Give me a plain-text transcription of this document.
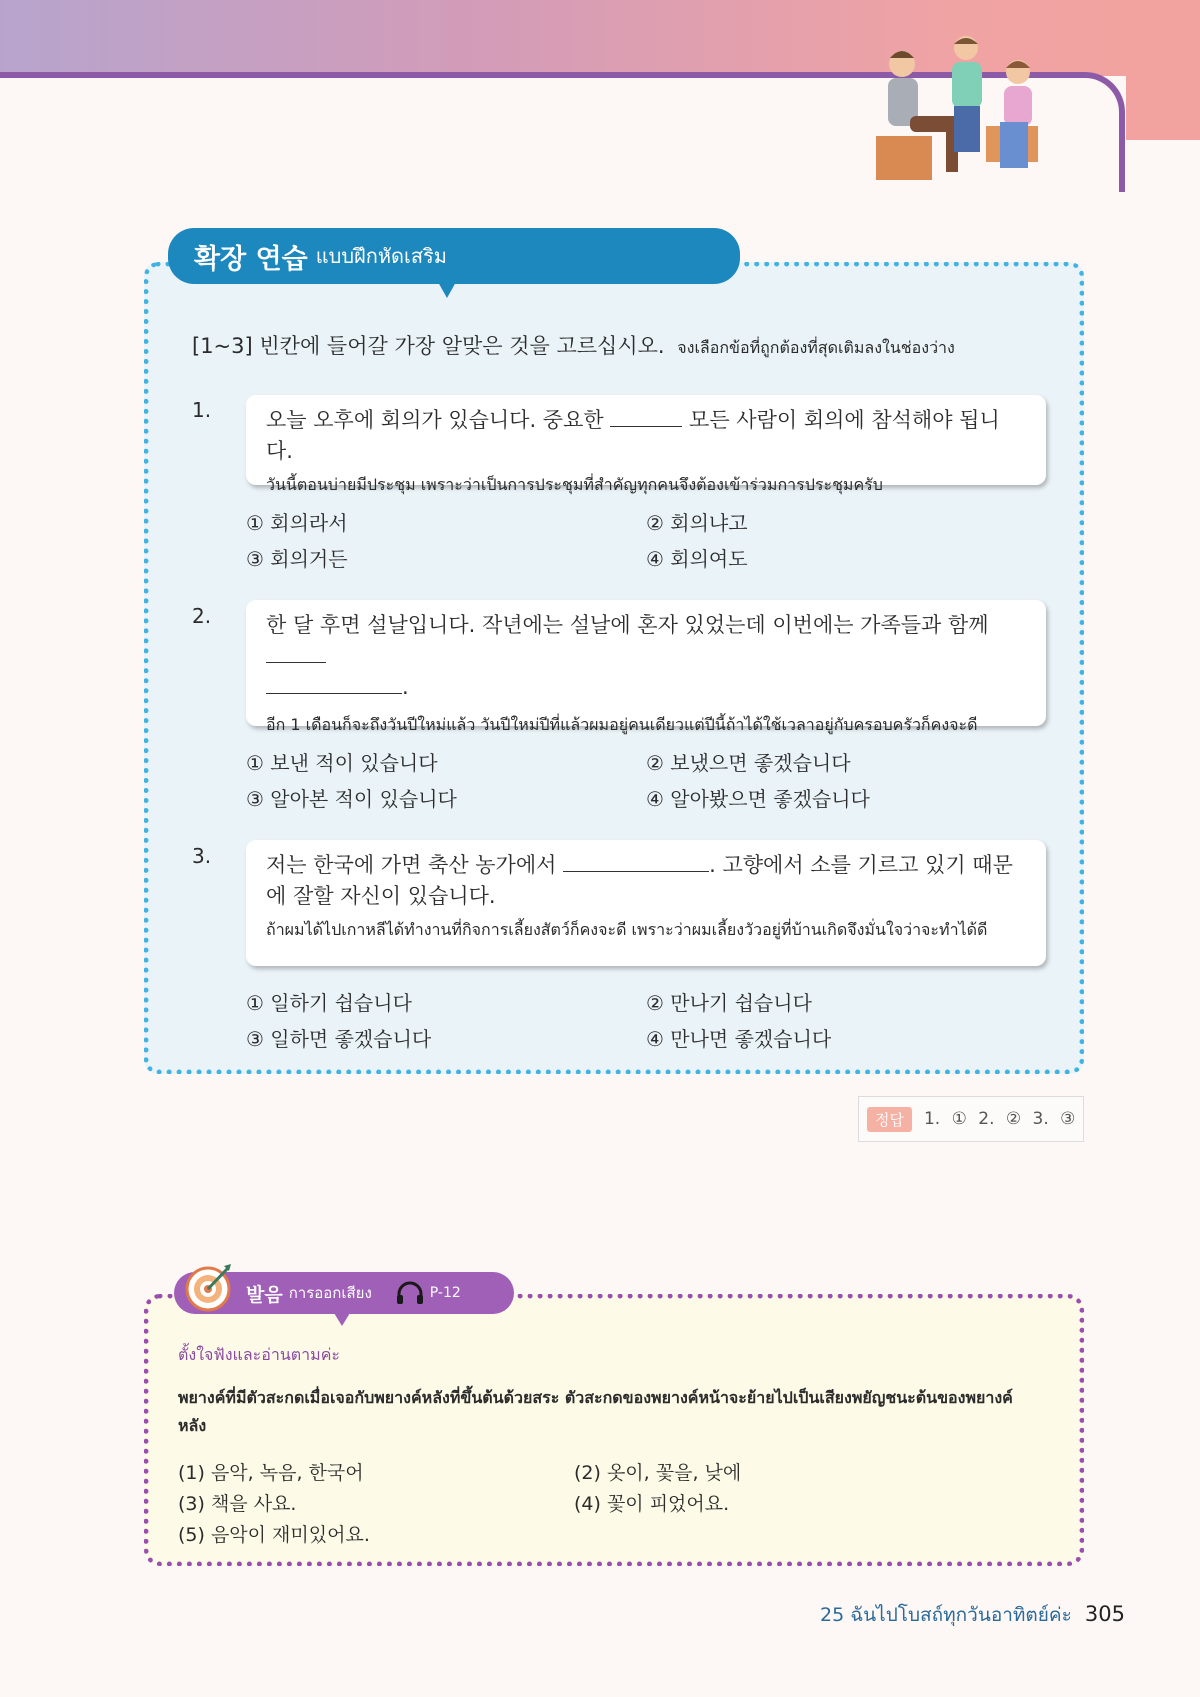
확장 연습 แบบฝึกหัดเสริม
[1~3] 빈칸에 들어갈 가장 알맞은 것을 고르십시오. จงเลือกข้อที่ถูกต้องที่สุดเติมลงในช่องว่าง
1.	오늘 오후에 회의가 있습니다. 중요한	모든 사람이 회의에 참석해야 됩니다.
วันนี้ตอนบ่ายมีประชุม เพราะว่าเป็นการประชุมที่สำคัญทุกคนจึงต้องเข้าร่วมการประชุมครับ
① 회의라서	② 회의냐고
③ 회의거든	④ 회의여도
2.	한 달 후면 설날입니다. 작년에는 설날에 혼자 있었는데 이번에는 가족들과 함께
.
อีก 1 เดือนก็จะถึงวันปีใหม่แล้ว วันปีใหม่ปีที่แล้วผมอยู่คนเดียวแต่ปีนี้ถ้าได้ใช้เวลาอยู่กับครอบครัวก็คงจะดี
① 보낸 적이 있습니다	② 보냈으면 좋겠습니다
③ 알아본 적이 있습니다	④ 알아봤으면 좋겠습니다
3.	저는 한국에 가면 축산 농가에서	. 고향에서 소를 기르고 있기 때문에 잘할 자신이 있습니다.
ถ้าผมได้ไปเกาหลีได้ทำงานที่กิจการเลี้ยงสัตว์ก็คงจะดี เพราะว่าผมเลี้ยงวัวอยู่ที่บ้านเกิดจึงมั่นใจว่าจะทำได้ดี
① 일하기 쉽습니다	② 만나기 쉽습니다
③ 일하면 좋겠습니다	④ 만나면 좋겠습니다
정답	1. ① 2. ② 3. ③
발음 การออกเสียง	P-12
ตั้งใจฟังและอ่านตามค่ะ
พยางค์ที่มีตัวสะกดเมื่อเจอกับพยางค์หลังที่ขึ้นต้นด้วยสระ ตัวสะกดของพยางค์หน้าจะย้ายไปเป็นเสียงพยัญชนะต้นของพยางค์หลัง
(1) 음악, 녹음, 한국어	(2) 옷이, 꽃을, 낮에
(3) 책을 사요.	(4) 꽃이 피었어요.
(5) 음악이 재미있어요.
25 ฉันไปโบสถ์ทุกวันอาทิตย์ค่ะ 305
